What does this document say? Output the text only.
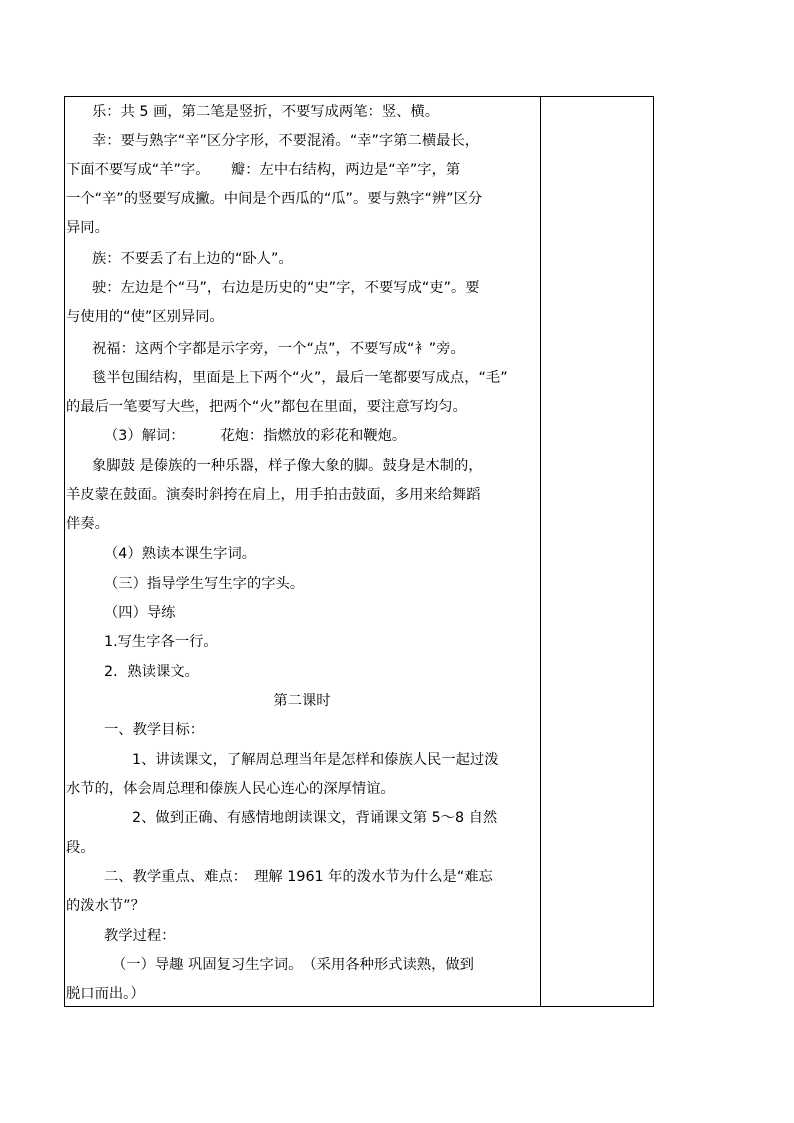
乐：共 5 画，第二笔是竖折，不要写成两笔：竖、横。
幸：要与熟字“辛”区分字形，不要混淆。“幸”字第二横最长，
下面不要写成“羊”字。　　瓣：左中右结构，两边是“辛”字，第
一个“辛”的竖要写成撇。中间是个西瓜的“瓜”。要与熟字“辨”区分
异同。
族：不要丢了右上边的“卧人”。
驶：左边是个“马”，右边是历史的“史”字，不要写成“吏”。要
与使用的“使”区别异同。
祝福：这两个字都是示字旁，一个“点”，不要写成“衤”旁。
毯半包围结构，里面是上下两个“火”，最后一笔都要写成点，“毛”
的最后一笔要写大些，把两个“火”都包在里面，要注意写均匀。
（3）解词：　　　花炮：指燃放的彩花和鞭炮。
象脚鼓 是傣族的一种乐器，样子像大象的脚。鼓身是木制的，
羊皮蒙在鼓面。演奏时斜挎在肩上，用手拍击鼓面，多用来给舞蹈
伴奏。
（4）熟读本课生字词。
（三）指导学生写生字的字头。
（四）导练
1.写生字各一行。
2．熟读课文。
第二课时
一、教学目标：
1、讲读课文，了解周总理当年是怎样和傣族人民一起过泼
水节的，体会周总理和傣族人民心连心的深厚情谊。
2、做到正确、有感情地朗读课文，背诵课文第 5～8 自然
段。
二、教学重点、难点：　理解 1961 年的泼水节为什么是“难忘
的泼水节”？
教学过程：
（一）导趣 巩固复习生字词。　（采用各种形式读熟，做到
脱口而出。）
